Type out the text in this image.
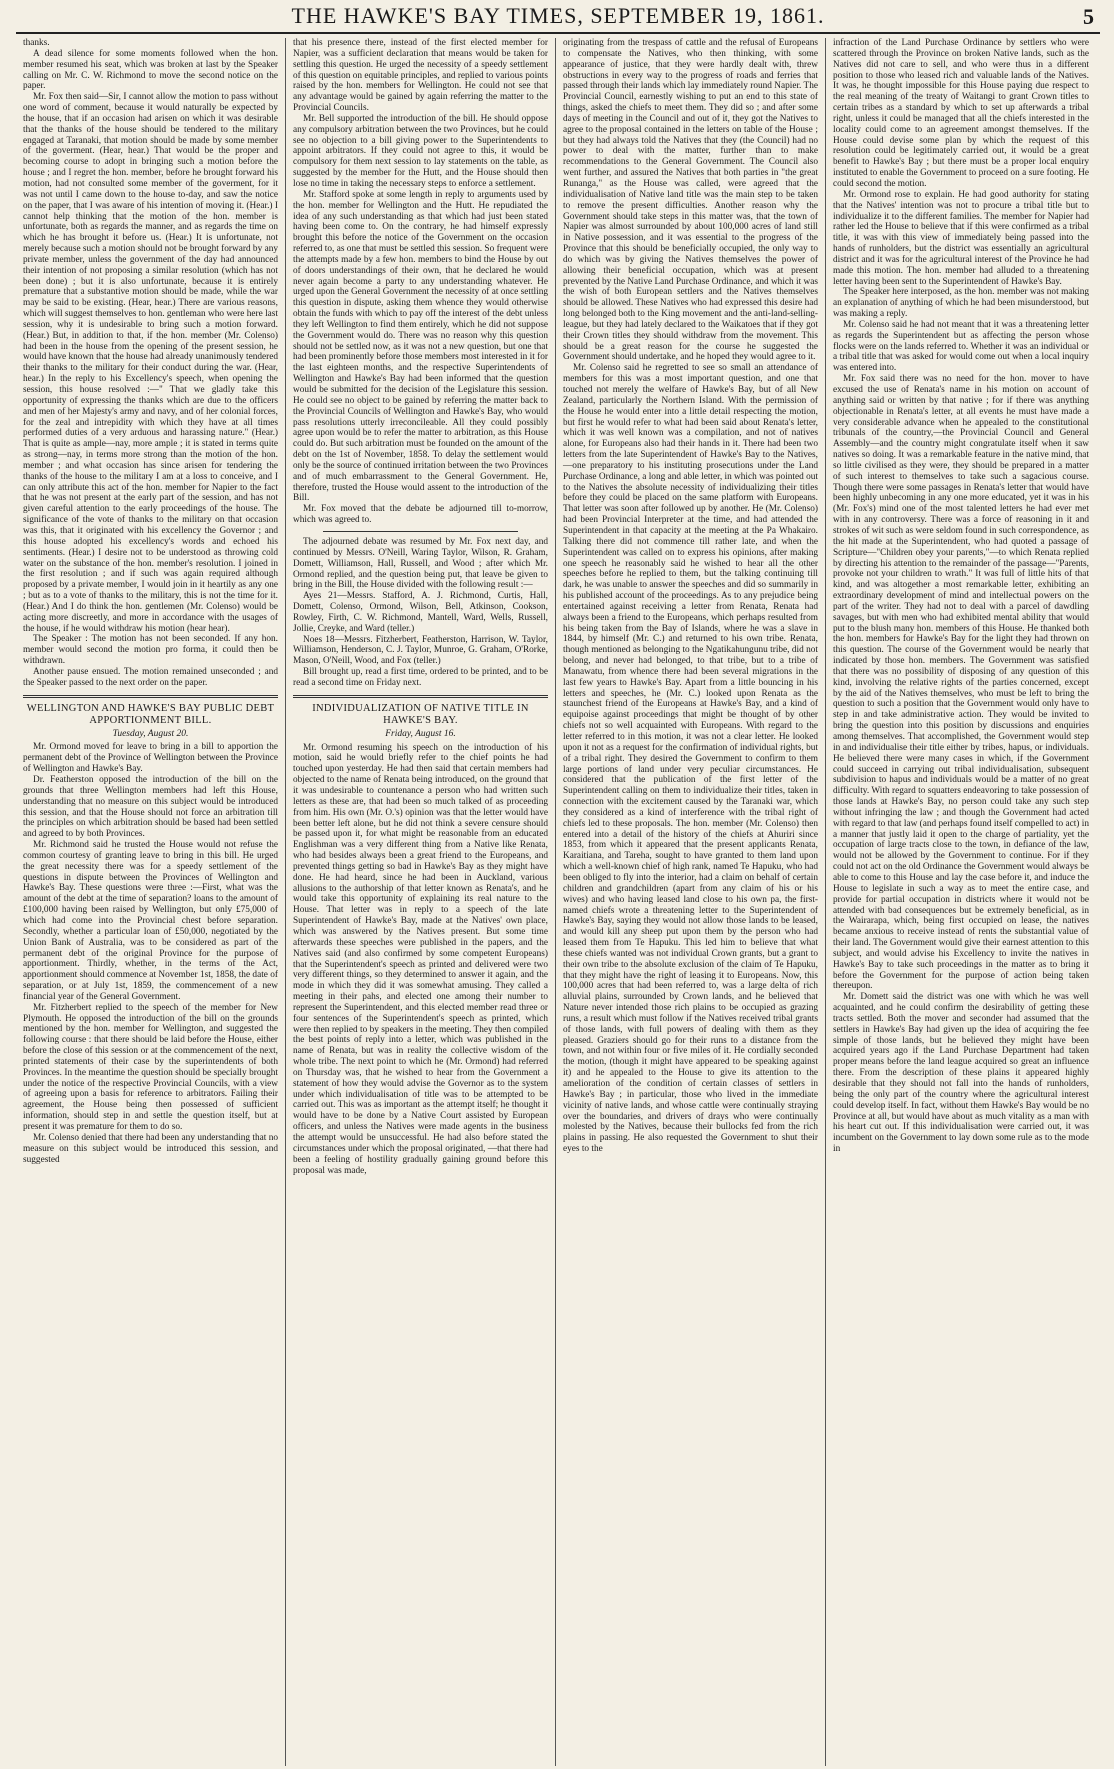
THE HAWKE'S BAY TIMES, SEPTEMBER 19, 1861.	5

thanks.

A dead silence for some moments followed when the hon. member resumed his seat, which was broken at last by the Speaker calling on Mr. C. W. Richmond to move the second notice on the paper.

Mr. Fox then said—Sir, I cannot allow the motion to pass without one word of comment, because it would naturally be expected by the house, that if an occasion had arisen on which it was desirable that the thanks of the house should be tendered to the military engaged at Taranaki, that motion should be made by some member of the goverment. (Hear, hear.) That would be the proper and becoming course to adopt in bringing such a motion before the house ; and I regret the hon. member, before he brought forward his motion, had not consulted some member of the goverment, for it was not until I came down to the house to-day, and saw the notice on the paper, that I was aware of his intention of moving it. (Hear.) I cannot help thinking that the motion of the hon. member is unfortunate, both as regards the manner, and as regards the time on which he has brought it before us. (Hear.) It is unfortunate, not merely because such a motion should not be brought forward by any private member, unless the government of the day had announced their intention of not proposing a similar resolution (which has not been done) ; but it is also unfortunate, because it is entirely premature that a substantive motion should be made, while the war may be said to be existing. (Hear, hear.) There are various reasons, which will suggest themselves to hon. gentleman who were here last session, why it is undesirable to bring such a motion forward. (Hear.) But, in addition to that, if the hon. member (Mr. Colenso) had been in the house from the opening of the present session, he would have known that the house had already unanimously tendered their thanks to the military for their conduct during the war. (Hear, hear.) In the reply to his Excellency's speech, when opening the session, this house resolved :—" That we gladly take this opportunity of expressing the thanks which are due to the officers and men of her Majesty's army and navy, and of her colonial forces, for the zeal and intrepidity with which they have at all times performed duties of a very arduous and harassing nature." (Hear.) That is quite as ample—nay, more ample ; it is stated in terms quite as strong—nay, in terms more strong than the motion of the hon. member ; and what occasion has since arisen for tendering the thanks of the house to the military I am at a loss to conceive, and I can only attribute this act of the hon. member for Napier to the fact that he was not present at the early part of the session, and has not given careful attention to the early proceedings of the house. The significance of the vote of thanks to the military on that occasion was this, that it originated with his excellency the Governor ; and this house adopted his excellency's words and echoed his sentiments. (Hear.) I desire not to be understood as throwing cold water on the substance of the hon. member's resolution. I joined in the first resolution ; and if such was again required although proposed by a private member, I would join in it heartily as any one ; but as to a vote of thanks to the military, this is not the time for it. (Hear.) And I do think the hon. gentlemen (Mr. Colenso) would be acting more discreetly, and more in accordance with the usages of the house, if he would withdraw his motion (hear hear).

The Speaker : The motion has not been seconded. If any hon. member would second the motion pro forma, it could then be withdrawn.

Another pause ensued. The motion remained unseconded ; and the Speaker passed to the next order on the paper.

WELLINGTON AND HAWKE'S BAY PUBLIC DEBT APPORTIONMENT BILL.
Tuesday, August 20.

Mr. Ormond moved for leave to bring in a bill to apportion the permanent debt of the Province of Wellington between the Province of Wellington and Hawke's Bay.

Dr. Featherston opposed the introduction of the bill on the grounds that three Wellington members had left this House, understanding that no measure on this subject would be introduced this session, and that the House should not force an arbitration till the principles on which arbitration should be based had been settled and agreed to by both Provinces.

Mr. Richmond said he trusted the House would not refuse the common courtesy of granting leave to bring in this bill. He urged the great necessity there was for a speedy settlement of the questions in dispute between the Provinces of Wellington and Hawke's Bay. These questions were three :—First, what was the amount of the debt at the time of separation? loans to the amount of £100,000 having been raised by Wellington, but only £75,000 of which had come into the Provincial chest before separation. Secondly, whether a particular loan of £50,000, negotiated by the Union Bank of Australia, was to be considered as part of the permanent debt of the original Province for the purpose of apportionment. Thirdly, whether, in the terms of the Act, apportionment should commence at November 1st, 1858, the date of separation, or at July 1st, 1859, the commencement of a new financial year of the General Government.

Mr. Fitzherbert replied to the speech of the member for New Plymouth. He opposed the introduction of the bill on the grounds mentioned by the hon. member for Wellington, and suggested the following course : that there should be laid before the House, either before the close of this session or at the commencement of the next, printed statements of their case by the superintendents of both Provinces. In the meantime the question should be specially brought under the notice of the respective Provincial Councils, with a view of agreeing upon a basis for reference to arbitrators. Failing their agreement, the House being then possessed of sufficient information, should step in and settle the question itself, but at present it was premature for them to do so.

Mr. Colenso denied that there had been any understanding that no measure on this subject would be introduced this session, and suggested

that his presence there, instead of the first elected member for Napier, was a sufficient declaration that means would be taken for settling this question. He urged the necessity of a speedy settlement of this question on equitable principles, and replied to various points raised by the hon. members for Wellington. He could not see that any advantage would be gained by again referring the matter to the Provincial Councils.

Mr. Bell supported the introduction of the bill. He should oppose any compulsory arbitration between the two Provinces, but he could see no objection to a bill giving power to the Superintendents to appoint arbitrators. If they could not agree to this, it would be compulsory for them next session to lay statements on the table, as suggested by the member for the Hutt, and the House should then lose no time in taking the necessary steps to enforce a settlement.

Mr. Stafford spoke at some length in reply to arguments used by the hon. member for Wellington and the Hutt. He repudiated the idea of any such understanding as that which had just been stated having been come to. On the contrary, he had himself expressly brought this before the notice of the Government on the occasion referred to, as one that must be settled this session. So frequent were the attempts made by a few hon. members to bind the House by out of doors understandings of their own, that he declared he would never again become a party to any understanding whatever. He urged upon the General Government the necessity of at once settling this question in dispute, asking them whence they would otherwise obtain the funds with which to pay off the interest of the debt unless they left Wellington to find them entirely, which he did not suppose the Government would do. There was no reason why this question should not be settled now, as it was not a new question, but one that had been prominently before those members most interested in it for the last eighteen months, and the respective Superintendents of Wellington and Hawke's Bay had been informed that the question would be submitted for the decision of the Legislature this session. He could see no object to be gained by referring the matter back to the Provincial Councils of Wellington and Hawke's Bay, who would pass resolutions utterly irreconcileable. All they could possibly agree upon would be to refer the matter to arbitration, as this House could do. But such arbitration must be founded on the amount of the debt on the 1st of November, 1858. To delay the settlement would only be the source of continued irritation between the two Provinces and of much embarrassment to the General Government. He, therefore, trusted the House would assent to the introduction of the Bill.

Mr. Fox moved that the debate be adjourned till to-morrow, which was agreed to.

The adjourned debate was resumed by Mr. Fox next day, and continued by Messrs. O'Neill, Waring Taylor, Wilson, R. Graham, Domett, Williamson, Hall, Russell, and Wood ; after which Mr. Ormond replied, and the question being put, that leave be given to bring in the Bill, the House divided with the following result :—

Ayes 21—Messrs. Stafford, A. J. Richmond, Curtis, Hall, Domett, Colenso, Ormond, Wilson, Bell, Atkinson, Cookson, Rowley, Firth, C. W. Richmond, Mantell, Ward, Wells, Russell, Jollie, Creyke, and Ward (teller.)

Noes 18—Messrs. Fitzherbert, Featherston, Harrison, W. Taylor, Williamson, Henderson, C. J. Taylor, Munroe, G. Graham, O'Rorke, Mason, O'Neill, Wood, and Fox (teller.)

Bill brought up, read a first time, ordered to be printed, and to be read a second time on Friday next.

INDIVIDUALIZATION OF NATIVE TITLE IN HAWKE'S BAY.
Friday, August 16.

Mr. Ormond resuming his speech on the introduction of his motion, said he would briefly refer to the chief points he had touched upon yesterday. He had then said that certain members had objected to the name of Renata being introduced, on the ground that it was undesirable to countenance a person who had written such letters as these are, that had been so much talked of as proceeding from him. His own (Mr. O.'s) opinion was that the letter would have been better left alone, but he did not think a severe censure should be passed upon it, for what might be reasonable from an educated Englishman was a very different thing from a Native like Renata, who had besides always been a great friend to the Europeans, and prevented things getting so bad in Hawke's Bay as they might have done. He had heard, since he had been in Auckland, various allusions to the authorship of that letter known as Renata's, and he would take this opportunity of explaining its real nature to the House. That letter was in reply to a speech of the late Superintendent of Hawke's Bay, made at the Natives' own place, which was answered by the Natives present. But some time afterwards these speeches were published in the papers, and the Natives said (and also confirmed by some competent Europeans) that the Superintendent's speech as printed and delivered were two very different things, so they determined to answer it again, and the mode in which they did it was somewhat amusing. They called a meeting in their pahs, and elected one among their number to represent the Superintendent, and this elected member read three or four sentences of the Superintendent's speech as printed, which were then replied to by speakers in the meeting. They then compiled the best points of reply into a letter, which was published in the name of Renata, but was in reality the collective wisdom of the whole tribe. The next point to which he (Mr. Ormond) had referred on Thursday was, that he wished to hear from the Government a statement of how they would advise the Governor as to the system under which individualisation of title was to be attempted to be carried out. This was as important as the attempt itself; he thought it would have to be done by a Native Court assisted by European officers, and unless the Natives were made agents in the business the attempt would be unsuccessful. He had also before stated the circumstances under which the proposal originated, —that there had been a feeling of hostility gradually gaining ground before this proposal was made,

originating from the trespass of cattle and the refusal of Europeans to compensate the Natives, who then thinking, with some appearance of justice, that they were hardly dealt with, threw obstructions in every way to the progress of roads and ferries that passed through their lands which lay immediately round Napier. The Provincial Council, earnestly wishing to put an end to this state of things, asked the chiefs to meet them. They did so ; and after some days of meeting in the Council and out of it, they got the Natives to agree to the proposal contained in the letters on table of the House ; but they had always told the Natives that they (the Council) had no power to deal with the matter, further than to make recommendations to the General Government. The Council also went further, and assured the Natives that both parties in "the great Runanga," as the House was called, were agreed that the individualisation of Native land title was the main step to be taken to remove the present difficulties. Another reason why the Government should take steps in this matter was, that the town of Napier was almost surrounded by about 100,000 acres of land still in Native possession, and it was essential to the progress of the Province that this should be beneficially occupied, the only way to do which was by giving the Natives themselves the power of allowing their beneficial occupation, which was at present prevented by the Native Land Purchase Ordinance, and which it was the wish of both European settlers and the Natives themselves should be allowed. These Natives who had expressed this desire had long belonged both to the King movement and the anti-land-selling-league, but they had lately declared to the Waikatoes that if they got their Crown titles they should withdraw from the movement. This should be a great reason for the course he suggested the Government should undertake, and he hoped they would agree to it.

Mr. Colenso said he regretted to see so small an attendance of members for this was a most important question, and one that touched not merely the welfare of Hawke's Bay, but of all New Zealand, particularly the Northern Island. With the permission of the House he would enter into a little detail respecting the motion, but first he would refer to what had been said about Renata's letter, which it was well known was a compilation, and not of natives alone, for Europeans also had their hands in it. There had been two letters from the late Superintendent of Hawke's Bay to the Natives,—one preparatory to his instituting prosecutions under the Land Purchase Ordinance, a long and able letter, in which was pointed out to the Natives the absolute necessity of individualizing their titles before they could be placed on the same platform with Europeans. That letter was soon after followed up by another. He (Mr. Colenso) had been Provincial Interpreter at the time, and had attended the Superintendent in that capacity at the meeting at the Pa Whakairo. Talking there did not commence till rather late, and when the Superintendent was called on to express his opinions, after making one speech he reasonably said he wished to hear all the other speeches before he replied to them, but the talking continuing till dark, he was unable to answer the speeches and did so summarily in his published account of the proceedings. As to any prejudice being entertained against receiving a letter from Renata, Renata had always been a friend to the Europeans, which perhaps resulted from his being taken from the Bay of Islands, where he was a slave in 1844, by himself (Mr. C.) and returned to his own tribe. Renata, though mentioned as belonging to the Ngatikahungunu tribe, did not belong, and never had belonged, to that tribe, but to a tribe of Manawatu, from whence there had been several migrations in the last few years to Hawke's Bay. Apart from a little bouncing in his letters and speeches, he (Mr. C.) looked upon Renata as the staunchest friend of the Europeans at Hawke's Bay, and a kind of equipoise against proceedings that might be thought of by other chiefs not so well acquainted with Europeans. With regard to the letter referred to in this motion, it was not a clear letter. He looked upon it not as a request for the confirmation of individual rights, but of a tribal right. They desired the Government to confirm to them large portions of land under very peculiar circumstances. He considered that the publication of the first letter of the Superintendent calling on them to individualize their titles, taken in connection with the excitement caused by the Taranaki war, which they considered as a kind of interference with the tribal right of chiefs led to these proposals. The hon. member (Mr. Colenso) then entered into a detail of the history of the chiefs at Ahuriri since 1853, from which it appeared that the present applicants Renata, Karaitiana, and Tareha, sought to have granted to them land upon which a well-known chief of high rank, named Te Hapuku, who had been obliged to fly into the interior, had a claim on behalf of certain children and grandchildren (apart from any claim of his or his wives) and who having leased land close to his own pa, the first-named chiefs wrote a threatening letter to the Superintendent of Hawke's Bay, saying they would not allow those lands to be leased, and would kill any sheep put upon them by the person who had leased them from Te Hapuku. This led him to believe that what these chiefs wanted was not individual Crown grants, but a grant to their own tribe to the absolute exclusion of the claim of Te Hapuku, that they might have the right of leasing it to Europeans. Now, this 100,000 acres that had been referred to, was a large delta of rich alluvial plains, surrounded by Crown lands, and he believed that Nature never intended those rich plains to be occupied as grazing runs, a result which must follow if the Natives received tribal grants of those lands, with full powers of dealing with them as they pleased. Graziers should go for their runs to a distance from the town, and not within four or five miles of it. He cordially seconded the motion, (though it might have appeared to be speaking against it) and he appealed to the House to give its attention to the amelioration of the condition of certain classes of settlers in Hawke's Bay ; in particular, those who lived in the immediate vicinity of native lands, and whose cattle were continually straying over the boundaries, and drivers of drays who were continually molested by the Natives, because their bullocks fed from the rich plains in passing. He also requested the Government to shut their eyes to the

infraction of the Land Purchase Ordinance by settlers who were scattered through the Province on broken Native lands, such as the Natives did not care to sell, and who were thus in a different position to those who leased rich and valuable lands of the Natives. It was, he thought impossible for this House paying due respect to the real meaning of the treaty of Waitangi to grant Crown titles to certain tribes as a standard by which to set up afterwards a tribal right, unless it could be managed that all the chiefs interested in the locality could come to an agreement amongst themselves. If the House could devise some plan by which the request of this resolution could be legitimately carried out, it would be a great benefit to Hawke's Bay ; but there must be a proper local enquiry instituted to enable the Government to proceed on a sure footing. He could second the motion.

Mr. Ormond rose to explain. He had good authority for stating that the Natives' intention was not to procure a tribal title but to individualize it to the different families. The member for Napier had rather led the House to believe that if this were confirmed as a tribal title, it was with this view of immediately being passed into the hands of runholders, but the district was essentially an agricultural district and it was for the agricultural interest of the Province he had made this motion. The hon. member had alluded to a threatening letter having been sent to the Superintendent of Hawke's Bay.

The Speaker here interposed, as the hon. member was not making an explanation of anything of which he had been misunderstood, but was making a reply.

Mr. Colenso said he had not meant that it was a threatening letter as regards the Superintendent but as affecting the person whose flocks were on the lands referred to. Whether it was an individual or a tribal title that was asked for would come out when a local inquiry was entered into.

Mr. Fox said there was no need for the hon. mover to have excused the use of Renata's name in his motion on account of anything said or written by that native ; for if there was anything objectionable in Renata's letter, at all events he must have made a very considerable advance when he appealed to the constitutional tribunals of the country,—the Provincial Council and General Assembly—and the country might congratulate itself when it saw natives so doing. It was a remarkable feature in the native mind, that so little civilised as they were, they should be prepared in a matter of such interest to themselves to take such a sagacious course. Though there were some passages in Renata's letter that would have been highly unbecoming in any one more educated, yet it was in his (Mr. Fox's) mind one of the most talented letters he had ever met with in any controversy. There was a force of reasoning in it and strokes of wit such as were seldom found in such correspondence, as the hit made at the Superintendent, who had quoted a passage of Scripture—"Children obey your parents,"—to which Renata replied by directing his attention to the remainder of the passage—"Parents, provoke not your children to wrath." It was full of little hits of that kind, and was altogether a most remarkable letter, exhibiting an extraordinary development of mind and intellectual powers on the part of the writer. They had not to deal with a parcel of dawdling savages, but with men who had exhibited mental ability that would put to the blush many hon. members of this House. He thanked both the hon. members for Hawke's Bay for the light they had thrown on this question. The course of the Government would be nearly that indicated by those hon. members. The Government was satisfied that there was no possibility of disposing of any question of this kind, involving the relative rights of the parties concerned, except by the aid of the Natives themselves, who must be left to bring the question to such a position that the Government would only have to step in and take administrative action. They would be invited to bring the question into this position by discussions and enquiries among themselves. That accomplished, the Government would step in and individualise their title either by tribes, hapus, or individuals. He believed there were many cases in which, if the Government could succeed in carrying out tribal individualisation, subsequent subdivision to hapus and individuals would be a matter of no great difficulty. With regard to squatters endeavoring to take possession of those lands at Hawke's Bay, no person could take any such step without infringing the law ; and though the Government had acted with regard to that law (and perhaps found itself compelled to act) in a manner that justly laid it open to the charge of partiality, yet the occupation of large tracts close to the town, in defiance of the law, would not be allowed by the Government to continue. For if they could not act on the old Ordinance the Government would always be able to come to this House and lay the case before it, and induce the House to legislate in such a way as to meet the entire case, and provide for partial occupation in districts where it would not be attended with bad consequences but be extremely beneficial, as in the Wairarapa, which, being first occupied on lease, the natives became anxious to receive instead of rents the substantial value of their land. The Government would give their earnest attention to this subject, and would advise his Excellency to invite the natives in Hawke's Bay to take such proceedings in the matter as to bring it before the Government for the purpose of action being taken thereupon.

Mr. Domett said the district was one with which he was well acquainted, and he could confirm the desirability of getting these tracts settled. Both the mover and seconder had assumed that the settlers in Hawke's Bay had given up the idea of acquiring the fee simple of those lands, but he believed they might have been acquired years ago if the Land Purchase Department had taken proper means before the land league acquired so great an influence there. From the description of these plains it appeared highly desirable that they should not fall into the hands of runholders, being the only part of the country where the agricultural interest could develop itself. In fact, without them Hawke's Bay would be no Province at all, but would have about as much vitality as a man with his heart cut out. If this individualisation were carried out, it was incumbent on the Government to lay down some rule as to the mode in
